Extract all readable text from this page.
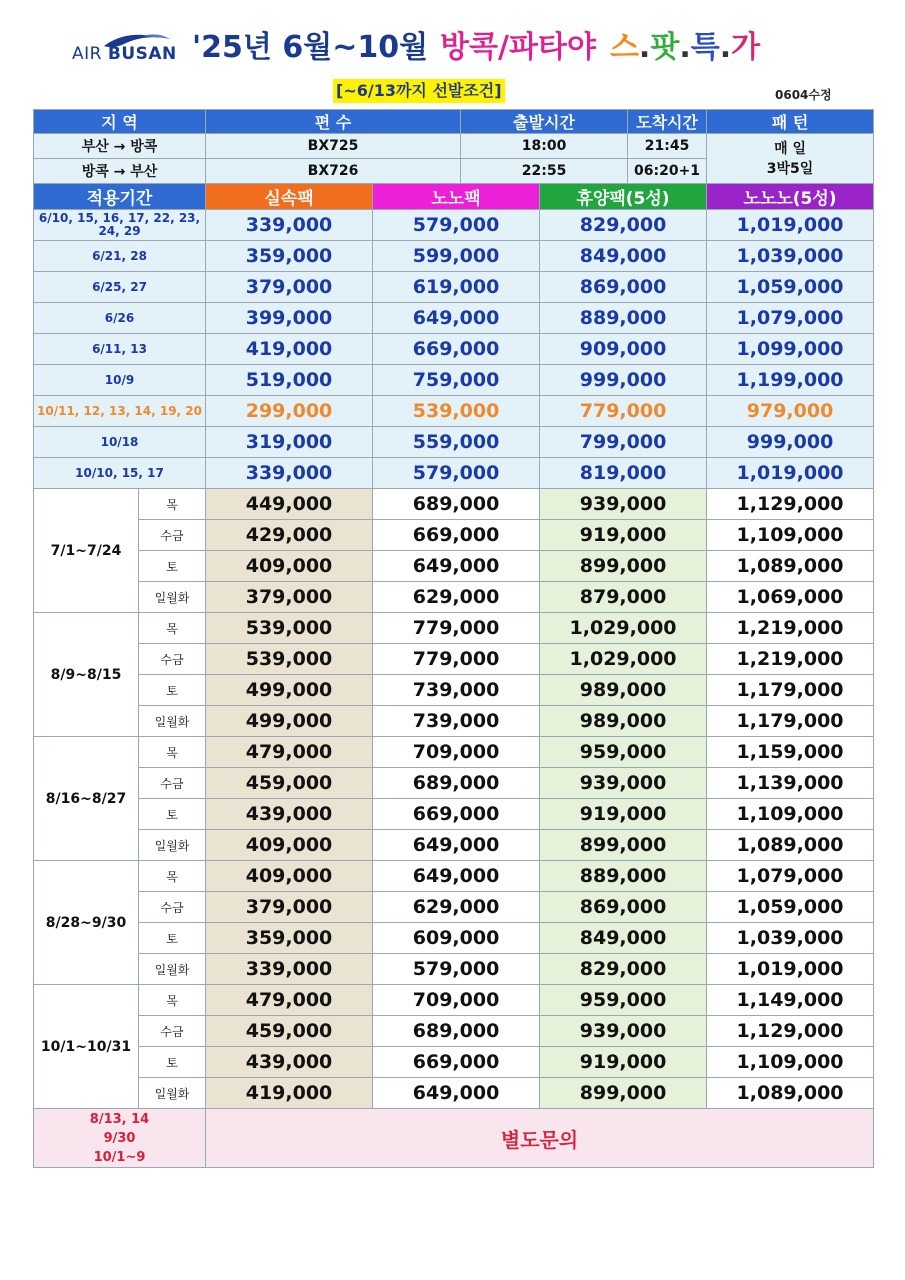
AIR BUSAN '25년 6월~10월 방콕/파타야 스.팟.특.가
[~6/13까지 선발조건]	0604수정
지 역		편 수		출발시간		도착시간	패 턴
부산 → 방콕		BX725		18:00		21:45	매 일
3박5일
방콕 → 부산		BX726		22:55		06:20+1	
적용기간		실속팩	노노팩		휴양팩(5성)		노노노(5성)
6/10, 15, 16, 17, 22, 23, 24, 29		339,000	579,000		829,000		1,019,000
6/21, 28		359,000	599,000		849,000		1,039,000
6/25, 27		379,000	619,000		869,000		1,059,000
6/26		399,000	649,000		889,000		1,079,000
6/11, 13		419,000	669,000		909,000		1,099,000
10/9		519,000	759,000		999,000		1,199,000
10/11, 12, 13, 14, 19, 20		299,000	539,000		779,000		979,000
10/18		319,000	559,000		799,000		999,000
10/10, 15, 17		339,000	579,000		819,000		1,019,000
7/1~7/24	목	449,000	689,000		939,000		1,129,000
	수금	429,000	669,000		919,000		1,109,000
	토	409,000	649,000		899,000		1,089,000
	일월화	379,000	629,000		879,000		1,069,000
8/9~8/15	목	539,000	779,000		1,029,000		1,219,000
	수금	539,000	779,000		1,029,000		1,219,000
	토	499,000	739,000		989,000		1,179,000
	일월화	499,000	739,000		989,000		1,179,000
8/16~8/27	목	479,000	709,000		959,000		1,159,000
	수금	459,000	689,000		939,000		1,139,000
	토	439,000	669,000		919,000		1,109,000
	일월화	409,000	649,000		899,000		1,089,000
8/28~9/30	목	409,000	649,000		889,000		1,079,000
	수금	379,000	629,000		869,000		1,059,000
	토	359,000	609,000		849,000		1,039,000
	일월화	339,000	579,000		829,000		1,019,000
10/1~10/31	목	479,000	709,000		959,000		1,149,000
	수금	459,000	689,000		939,000		1,129,000
	토	439,000	669,000		919,000		1,109,000
	일월화	419,000	649,000		899,000		1,089,000

8/13, 14
9/30
10/1~9		별도문의					
